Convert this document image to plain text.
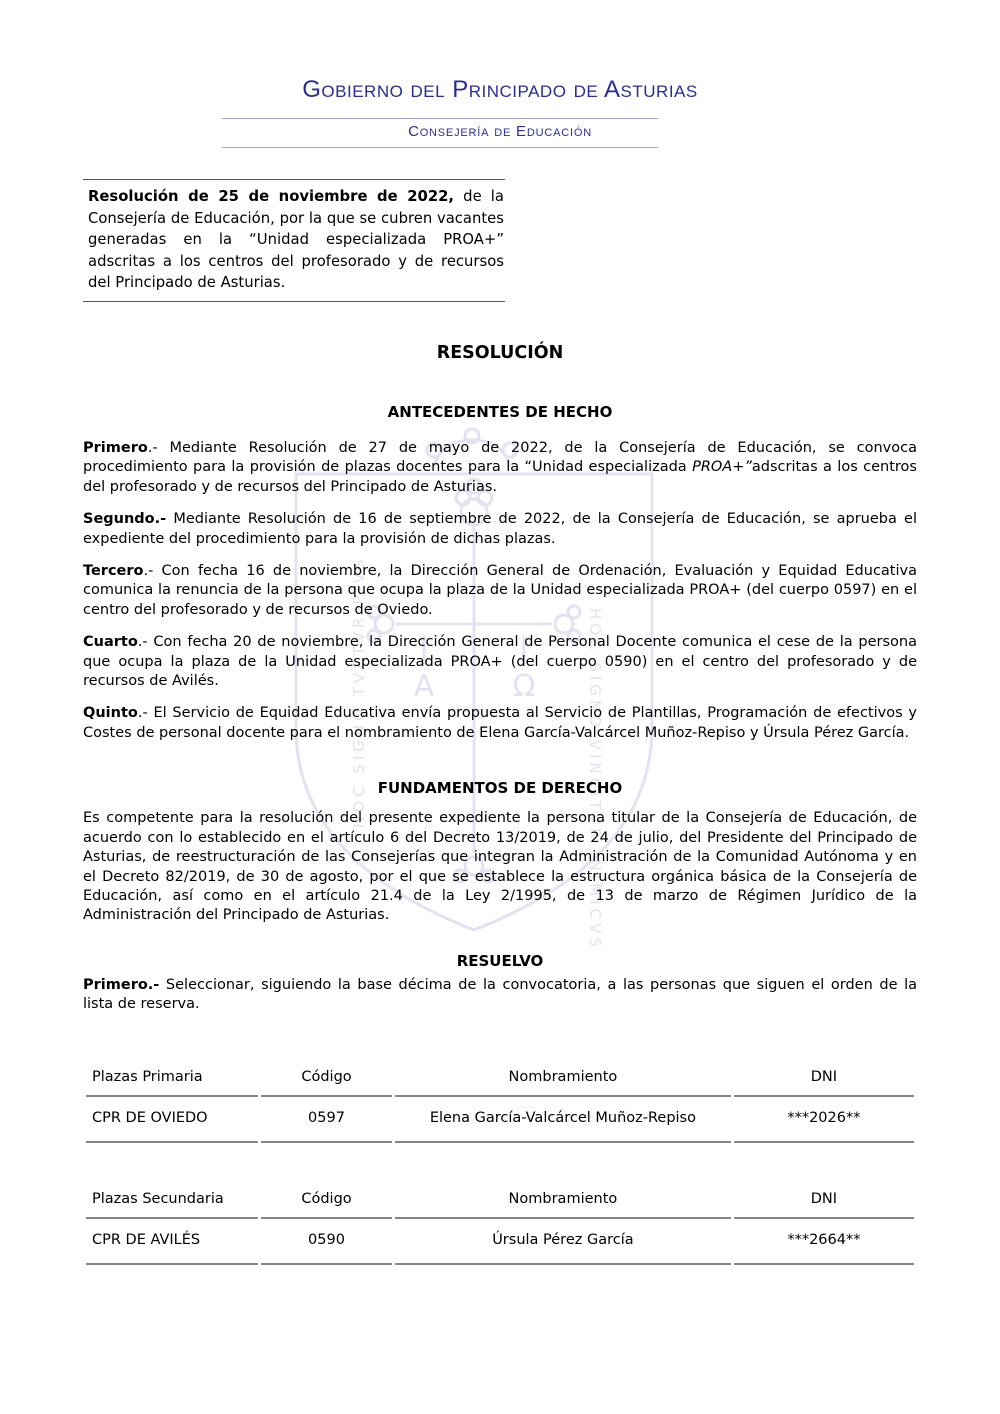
Α	Ω
HOC SIGNO TVETVR PIVS	HOC SIGNO VINCITVR INIMICVS
Gobierno del Principado de Asturias
Consejería de Educación

Resolución de 25 de noviembre de 2022, de la Consejería de Educación, por la que se cubren vacantes generadas en la “Unidad especializada PROA+” adscritas a los centros del profesorado y de recursos del Principado de Asturias.

RESOLUCIÓN
ANTECEDENTES DE HECHO

Primero.- Mediante Resolución de 27 de mayo de 2022, de la Consejería de Educación, se convoca procedimiento para la provisión de plazas docentes para la “Unidad especializada PROA+”adscritas a los centros del profesorado y de recursos del Principado de Asturias.

Segundo.- Mediante Resolución de 16 de septiembre de 2022, de la Consejería de Educación, se aprueba el expediente del procedimiento para la provisión de dichas plazas.

Tercero.- Con fecha 16 de noviembre, la Dirección General de Ordenación, Evaluación y Equidad Educativa comunica la renuncia de la persona que ocupa la plaza de la Unidad especializada PROA+ (del cuerpo 0597) en el centro del profesorado y de recursos de Oviedo.

Cuarto.- Con fecha 20 de noviembre, la Dirección General de Personal Docente comunica el cese de la persona que ocupa la plaza de la Unidad especializada PROA+ (del cuerpo 0590) en el centro del profesorado y de recursos de Avilés.

Quinto.- El Servicio de Equidad Educativa envía propuesta al Servicio de Plantillas, Programación de efectivos y Costes de personal docente para el nombramiento de Elena García-Valcárcel Muñoz-Repiso y Úrsula Pérez García.

FUNDAMENTOS DE DERECHO

Es competente para la resolución del presente expediente la persona titular de la Consejería de Educación, de acuerdo con lo establecido en el artículo 6 del Decreto 13/2019, de 24 de julio, del Presidente del Principado de Asturias, de reestructuración de las Consejerías que integran la Administración de la Comunidad Autónoma y en el Decreto 82/2019, de 30 de agosto, por el que se establece la estructura orgánica básica de la Consejería de Educación, así como en el artículo 21.4 de la Ley 2/1995, de 13 de marzo de Régimen Jurídico de la Administración del Principado de Asturias.

RESUELVO

Primero.- Seleccionar, siguiendo la base décima de la convocatoria, a las personas que siguen el orden de la lista de reserva.

Plazas Primaria	Código	Nombramiento	DNI
CPR DE OVIEDO	0597	Elena García-Valcárcel Muñoz-Repiso	***2026**
Plazas Secundaria	Código	Nombramiento	DNI
CPR DE AVILÉS	0590	Úrsula Pérez García	***2664**
